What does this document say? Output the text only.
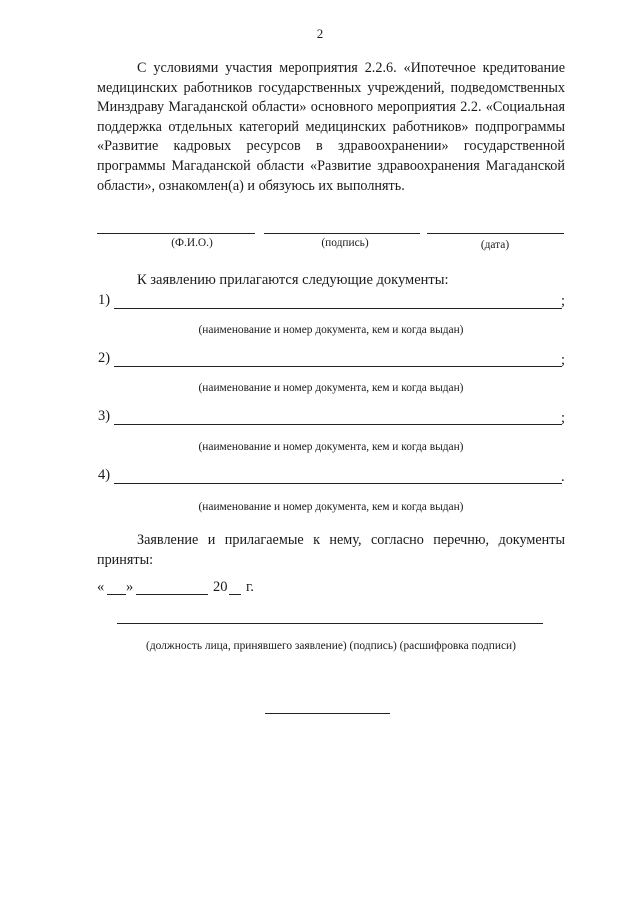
2
С условиями участия мероприятия 2.2.6. «Ипотечное кредитование медицинских работников государственных учреждений, подведомственных Минздраву Магаданской области» основного мероприятия 2.2. «Социальная поддержка отдельных категорий медицинских работников» подпрограммы «Развитие кадровых ресурсов в здравоохранении» государственной программы Магаданской области «Развитие здравоохранения Магаданской области», ознакомлен(а) и обязуюсь их выполнять.
(Ф.И.О.)	(подпись)	(дата)
К заявлению прилагаются следующие документы:
1)	;
(наименование и номер документа, кем и когда выдан)
2)	;
(наименование и номер документа, кем и когда выдан)
3)	;
(наименование и номер документа, кем и когда выдан)
4)	.
(наименование и номер документа, кем и когда выдан)
Заявление и прилагаемые к нему, согласно перечню, документы приняты:
« »	20 г.
(должность лица, принявшего заявление) (подпись) (расшифровка подписи)
